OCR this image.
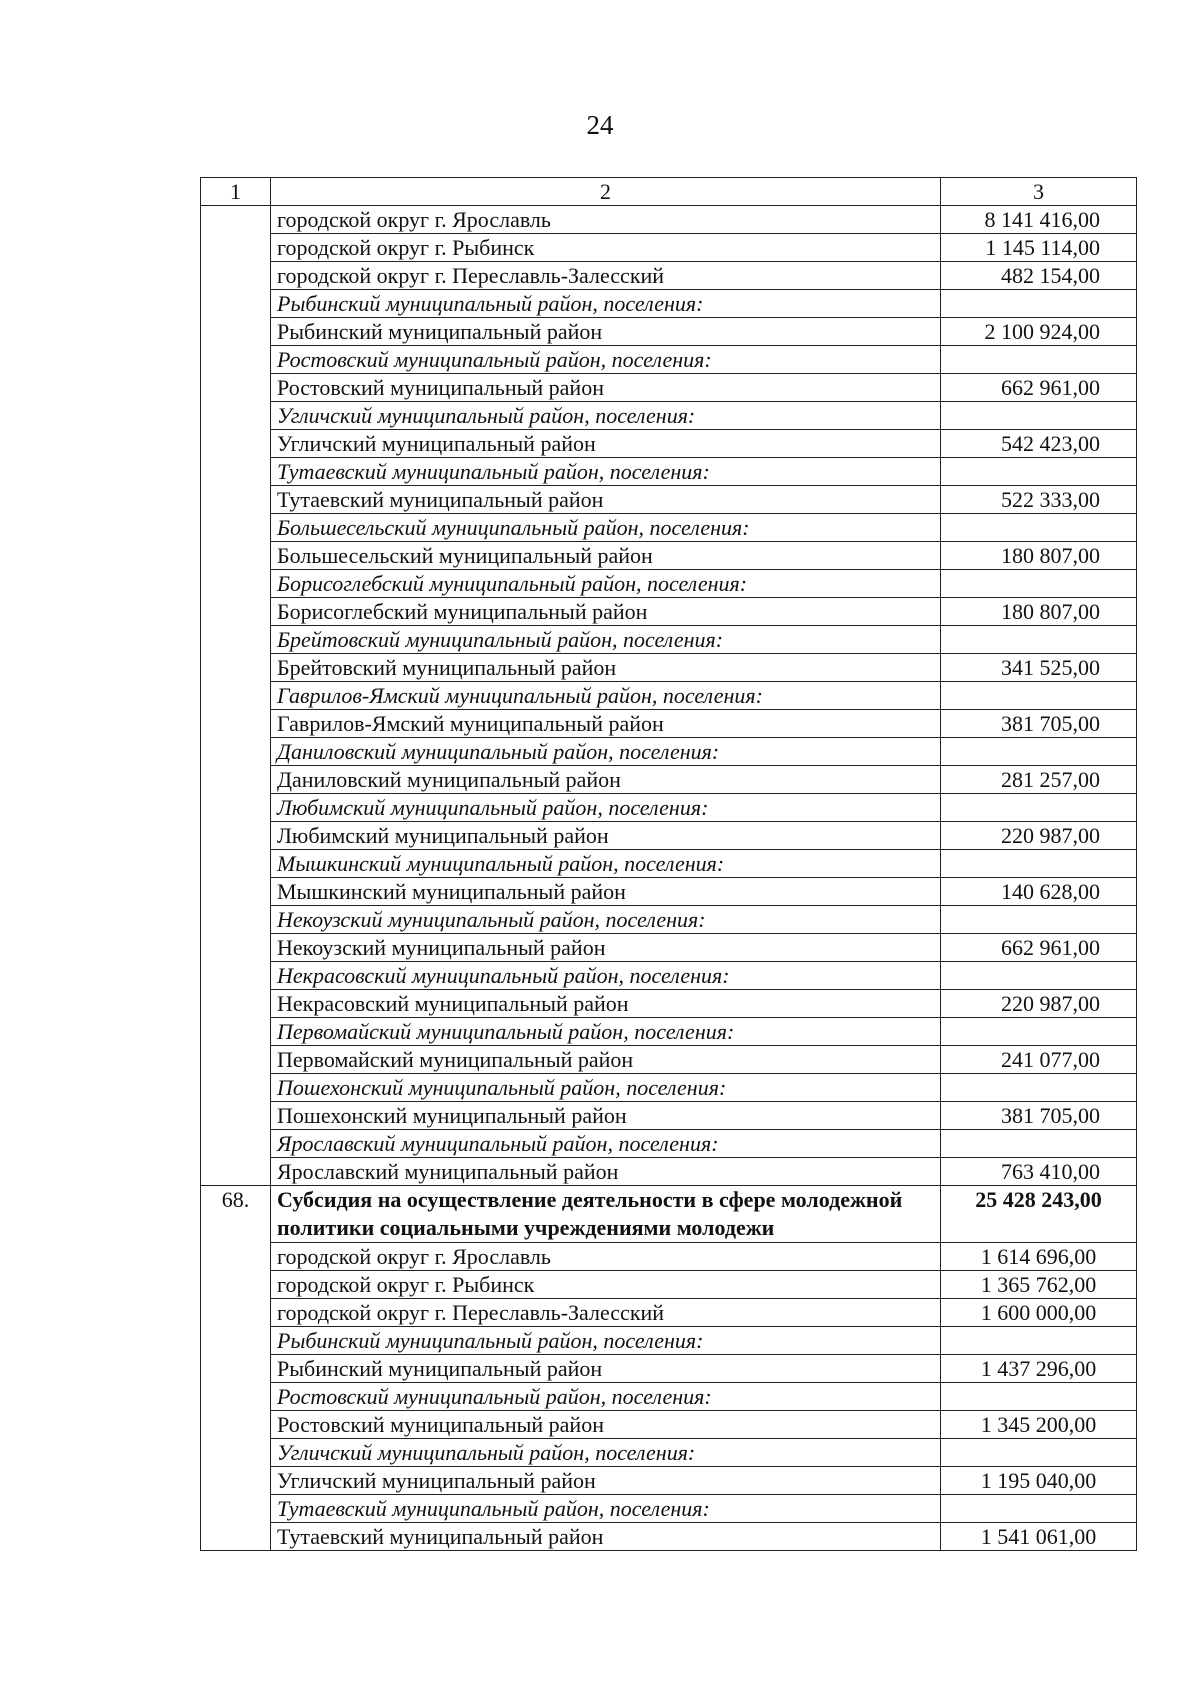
24
1	2	3
	городской округ г. Ярославль	8 141 416,00
	городской округ г. Рыбинск	1 145 114,00
	городской округ г. Переславль-Залесский	482 154,00
	Рыбинский муниципальный район, поселения:	
	Рыбинский муниципальный район	2 100 924,00
	Ростовский муниципальный район, поселения:	
	Ростовский муниципальный район	662 961,00
	Угличский муниципальный район, поселения:	
	Угличский муниципальный район	542 423,00
	Тутаевский муниципальный район, поселения:	
	Тутаевский муниципальный район	522 333,00
	Большесельский муниципальный район, поселения:	
	Большесельский муниципальный район	180 807,00
	Борисоглебский муниципальный район, поселения:	
	Борисоглебский муниципальный район	180 807,00
	Брейтовский муниципальный район, поселения:	
	Брейтовский муниципальный район	341 525,00
	Гаврилов-Ямский муниципальный район, поселения:	
	Гаврилов-Ямский муниципальный район	381 705,00
	Даниловский муниципальный район, поселения:	
	Даниловский муниципальный район	281 257,00
	Любимский муниципальный район, поселения:	
	Любимский муниципальный район	220 987,00
	Мышкинский муниципальный район, поселения:	
	Мышкинский муниципальный район	140 628,00
	Некоузский муниципальный район, поселения:	
	Некоузский муниципальный район	662 961,00
	Некрасовский муниципальный район, поселения:	
	Некрасовский муниципальный район	220 987,00
	Первомайский муниципальный район, поселения:	
	Первомайский муниципальный район	241 077,00
	Пошехонский муниципальный район, поселения:	
	Пошехонский муниципальный район	381 705,00
	Ярославский муниципальный район, поселения:	
	Ярославский муниципальный район	763 410,00
68.	Субсидия на осуществление деятельности в сфере молодежной политики социальными учреждениями молодежи	25 428 243,00
	городской округ г. Ярославль	1 614 696,00
	городской округ г. Рыбинск	1 365 762,00
	городской округ г. Переславль-Залесский	1 600 000,00
	Рыбинский муниципальный район, поселения:	
	Рыбинский муниципальный район	1 437 296,00
	Ростовский муниципальный район, поселения:	
	Ростовский муниципальный район	1 345 200,00
	Угличский муниципальный район, поселения:	
	Угличский муниципальный район	1 195 040,00
	Тутаевский муниципальный район, поселения:	
	Тутаевский муниципальный район	1 541 061,00
